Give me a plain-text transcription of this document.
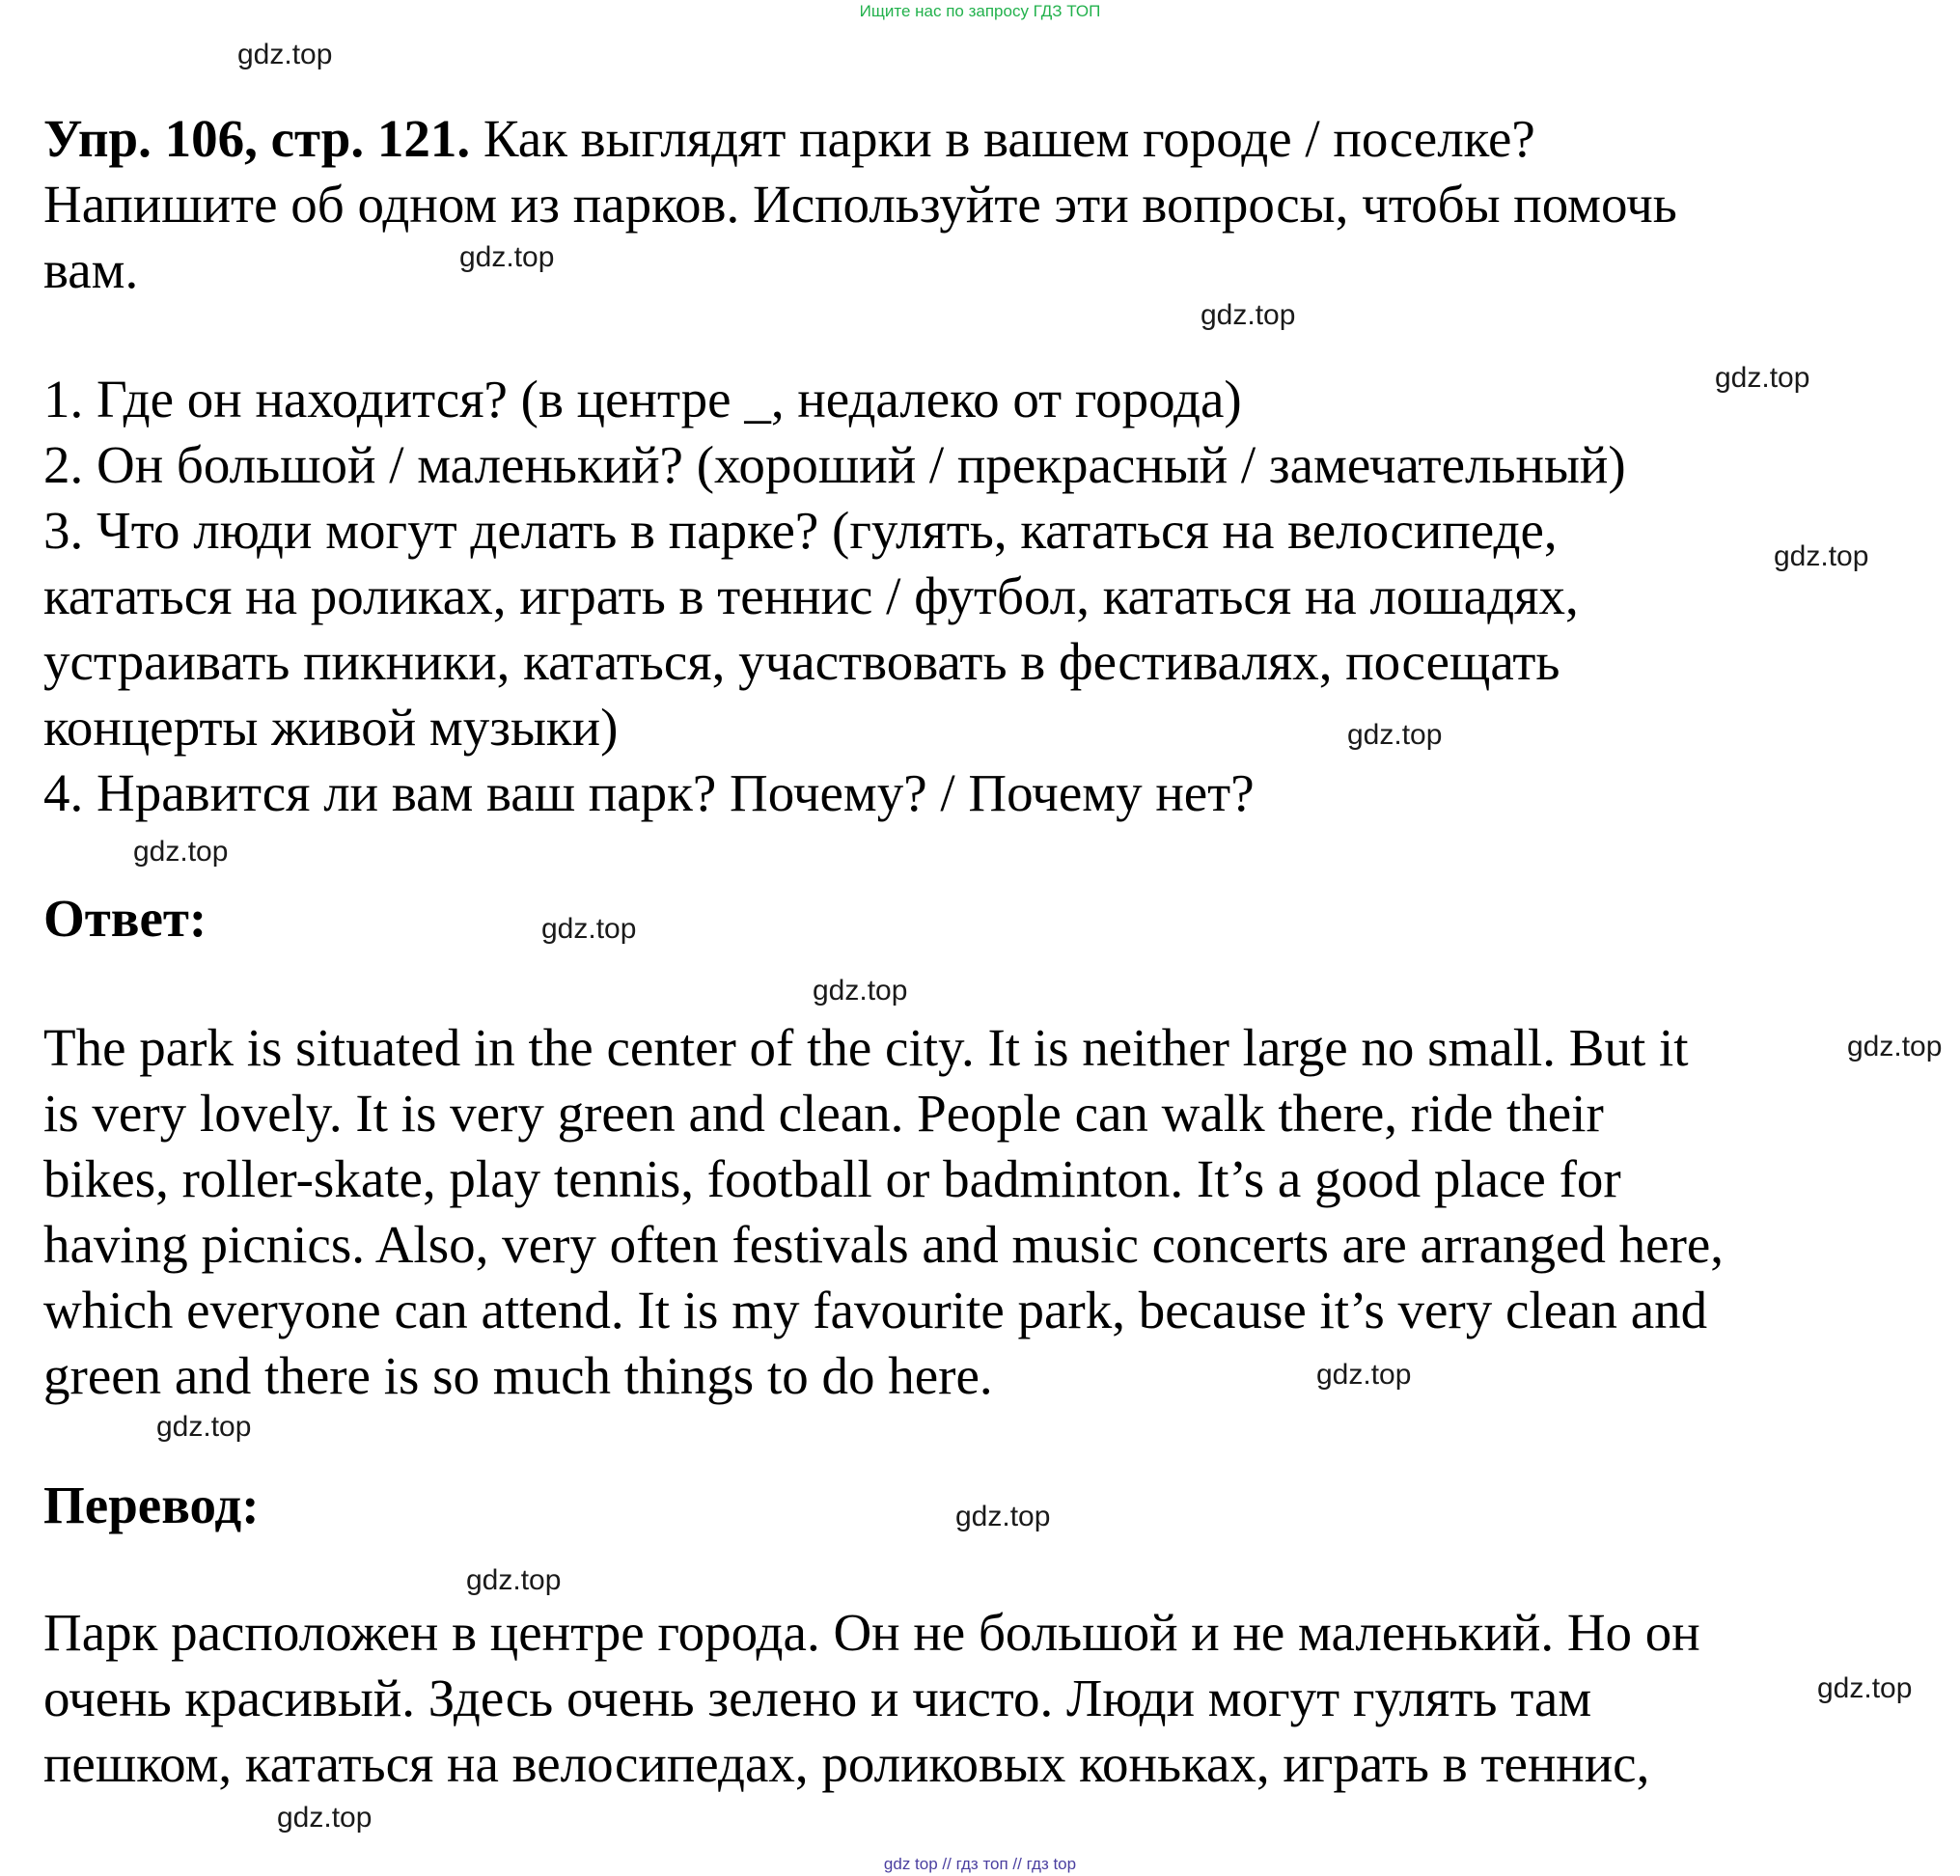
Ищите нас по запросу ГДЗ ТОП
Упр. 106, стр. 121. Как выглядят парки в вашем городе / поселке?
Напишите об одном из парков. Используйте эти вопросы, чтобы помочь
вам.
1. Где он находится? (в центре _, недалеко от города)
2. Он большой / маленький? (хороший / прекрасный / замечательный)
3. Что люди могут делать в парке? (гулять, кататься на велосипеде,
кататься на роликах, играть в теннис / футбол, кататься на лошадях,
устраивать пикники, кататься, участвовать в фестивалях, посещать
концерты живой музыки)
4. Нравится ли вам ваш парк? Почему? / Почему нет?
Ответ:
The park is situated in the center of the city. It is neither large no small. But it
is very lovely. It is very green and clean. People can walk there, ride their
bikes, roller-skate, play tennis, football or badminton. It’s a good place for
having picnics. Also, very often festivals and music concerts are arranged here,
which everyone can attend. It is my favourite park, because it’s very clean and
green and there is so much things to do here.
Перевод:
Парк расположен в центре города. Он не большой и не маленький. Но он
очень красивый. Здесь очень зелено и чисто. Люди могут гулять там
пешком, кататься на велосипедах, роликовых коньках, играть в теннис,
gdz.top
gdz.top
gdz.top
gdz.top
gdz.top
gdz.top
gdz.top
gdz.top
gdz.top
gdz.top
gdz.top
gdz.top
gdz.top
gdz.top
gdz.top
gdz.top
gdz top // гдз топ // гдз top
